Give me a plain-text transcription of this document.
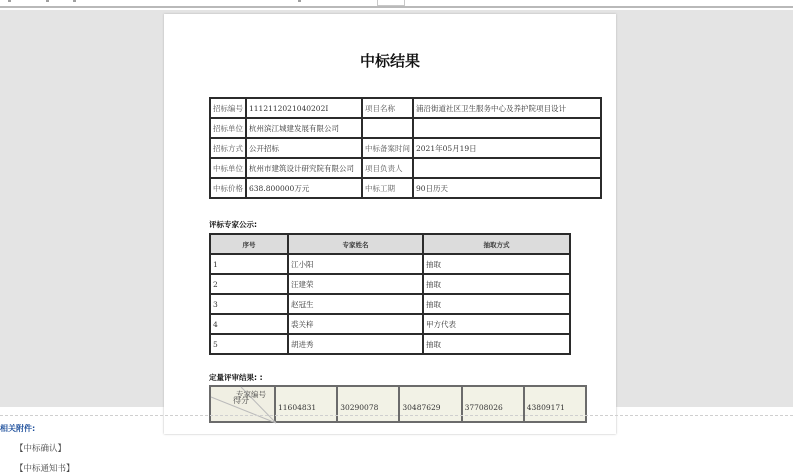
中标结果
招标编号	1112112021040202I	项目名称	浦沿街道社区卫生服务中心及养护院项目设计
招标单位	杭州滨江城建发展有限公司		
招标方式	公开招标	中标备案时间	2021年05月19日
中标单位	杭州市建筑设计研究院有限公司	项目负责人	
中标价格	638.800000万元	中标工期	90日历天
评标专家公示:
序号	专家姓名	抽取方式
1	江小阳	抽取
2	汪建荣	抽取
3	赵冠生	抽取
4	裘关梓	甲方代表
5	胡进秀	抽取
定量评审结果: :
专家编号
得分
	11604831	30290078	30487629	37708026	43809171
相关附件:
【中标确认】
【中标通知书】
